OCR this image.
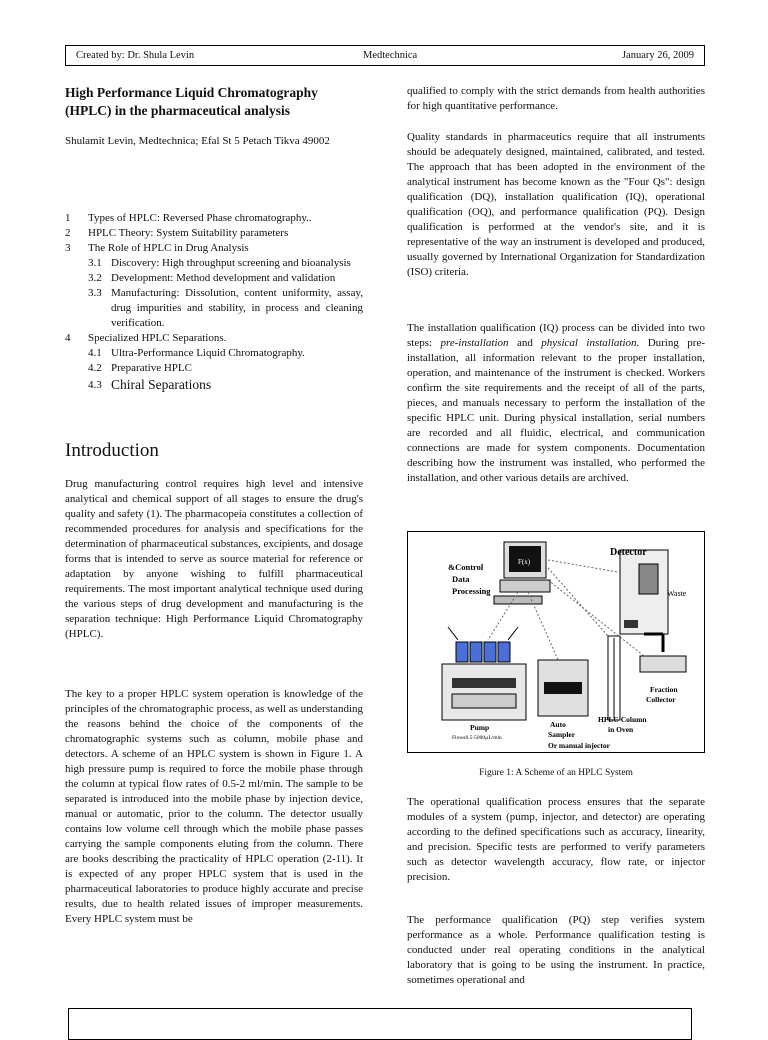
Created by: Dr. Shula Levin	Medtechnica	January 26, 2009
High Performance Liquid Chromatography (HPLC) in the pharmaceutical analysis

Shulamit Levin, Medtechnica; Efal St 5 Petach Tikva 49002

1	Types of HPLC: Reversed Phase chromatography..
2	HPLC Theory: System Suitability parameters
3	The Role of HPLC in Drug Analysis
3.1 Discovery: High throughput screening and bioanalysis
3.2 Development: Method development and validation
3.3 Manufacturing: Dissolution, content uniformity, assay, drug impurities and stability, in process and cleaning verification.
4	Specialized HPLC Separations.
4.1 Ultra-Performance Liquid Chromatography.
4.2 Preparative HPLC
4.3 Chiral Separations
Introduction

Drug manufacturing control requires high level and intensive analytical and chemical support of all stages to ensure the drug's quality and safety (1). The pharmacopeia constitutes a collection of recommended procedures for analysis and specifications for the determination of pharmaceutical substances, excipients, and dosage forms that is intended to serve as source material for reference or adaptation by anyone wishing to fulfill pharmaceutical requirements. The most important analytical technique used during the various steps of drug development and manufacturing is the separation technique: High Performance Liquid Chromatography (HPLC).

The key to a proper HPLC system operation is knowledge of the principles of the chromatographic process, as well as understanding the reasons behind the choice of the components of the chromatographic systems such as column, mobile phase and detectors. A scheme of an HPLC system is shown in Figure 1. A high pressure pump is required to force the mobile phase through the column at typical flow rates of 0.5-2 ml/min. The sample to be separated is introduced into the mobile phase by injection device, manual or automatic, prior to the column. The detector usually contains low volume cell through which the mobile phase passes carrying the sample components eluting from the column. There are books describing the practicality of HPLC operation (2-11). It is expected of any proper HPLC system that is used in the pharmaceutical laboratories to produce highly accurate and precise results, due to health related issues of improper measurements. Every HPLC system must be

qualified to comply with the strict demands from health authorities for high quantitative performance.

Quality standards in pharmaceutics require that all instruments should be adequately designed, maintained, calibrated, and tested. The approach that has been adopted in the environment of the analytical instrument has become known as the "Four Qs": design qualification (DQ), installation qualification (IQ), operational qualification (OQ), and performance qualification (PQ). Design qualification is performed at the vendor's site, and it is representative of the way an instrument is developed and produced, usually governed by International Organization for Standardization (ISO) criteria.

The installation qualification (IQ) process can be divided into two steps: pre-installation and physical installation. During pre-installation, all information relevant to the proper installation, operation, and maintenance of the instrument is checked. Workers confirm the site requirements and the receipt of all of the parts, pieces, and manuals necessary to perform the installation of the specific HPLC unit. During physical installation, serial numbers are recorded and all fluidic, electrical, and communication connections are made for system components. Documentation describing how the instrument was installed, who performed the installation, and other various details are archived.

F(x)
&Control
Data
Processing
Detector
Waste
Fraction
Collector
HPLC Column
in Oven
Pump
Flows0.5-5000µL/min
Auto
Sampler
Or manual injector
Figure 1: A Scheme of an HPLC System

The operational qualification process ensures that the separate modules of a system (pump, injector, and detector) are operating according to the defined specifications such as accuracy, linearity, and precision. Specific tests are performed to verify parameters such as detector wavelength accuracy, flow rate, or injector precision.

The performance qualification (PQ) step verifies system performance as a whole. Performance qualification testing is conducted under real operating conditions in the analytical laboratory that is going to be using the instrument. In practice, sometimes operational and
